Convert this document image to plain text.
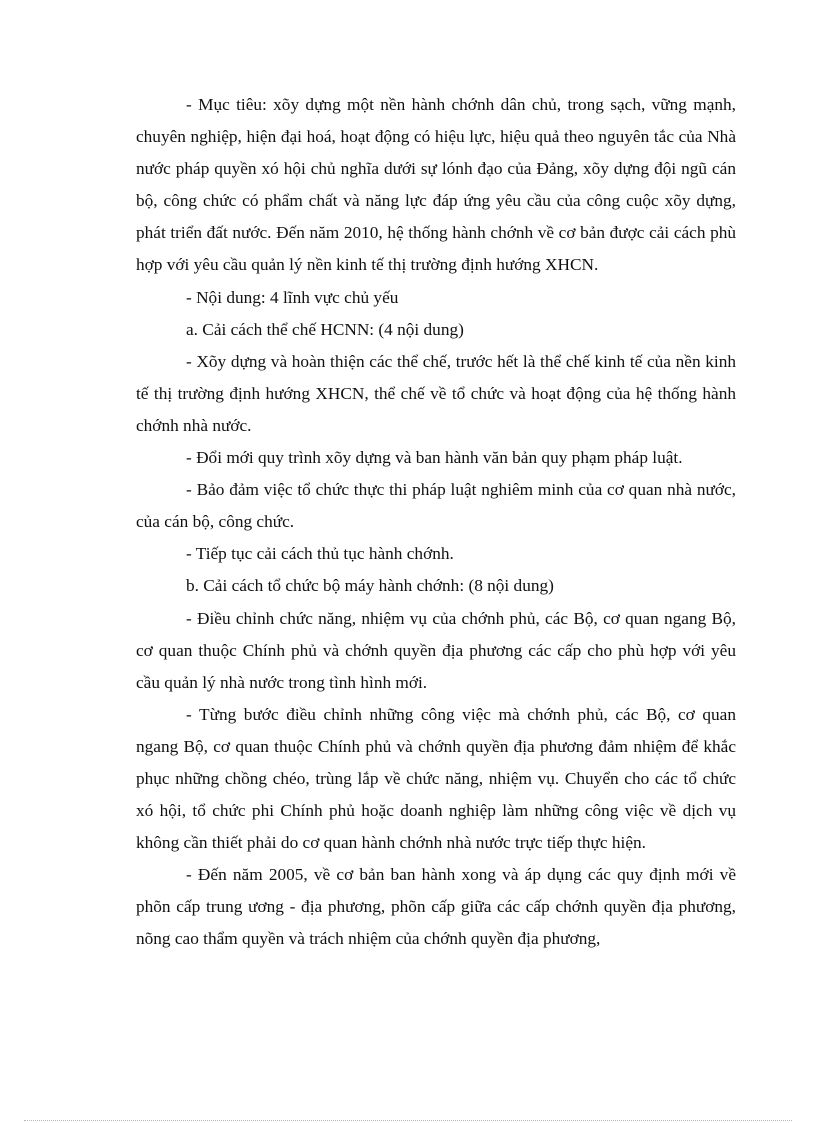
- Mục tiêu: xõy dựng một nền hành chớnh dân chủ, trong sạch, vững mạnh, chuyên nghiệp, hiện đại hoá, hoạt động có hiệu lực, hiệu quả theo nguyên tắc của Nhà nước pháp quyền xó hội chủ nghĩa dưới sự lónh đạo của Đảng, xõy dựng đội ngũ cán bộ, công chức có phẩm chất và năng lực đáp ứng yêu cầu của công cuộc xõy dựng, phát triển đất nước. Đến năm 2010, hệ thống hành chớnh về cơ bản được cải cách phù hợp với yêu cầu quản lý nền kinh tế thị trường định hướng XHCN.

- Nội dung: 4 lĩnh vực chủ yếu

a. Cải cách thể chế HCNN: (4 nội dung)

- Xõy dựng và hoàn thiện các thể chế, trước hết là thể chế kinh tế của nền kinh tế thị trường định hướng XHCN, thể chế về tổ chức và hoạt động của hệ thống hành chớnh nhà nước.

- Đổi mới quy trình xõy dựng và ban hành văn bản quy phạm pháp luật.

- Bảo đảm việc tổ chức thực thi pháp luật nghiêm minh của cơ quan nhà nước, của cán bộ, công chức.

- Tiếp tục cải cách thủ tục hành chớnh.

b. Cải cách tổ chức bộ máy hành chớnh: (8 nội dung)

- Điều chỉnh chức năng, nhiệm vụ của chớnh phủ, các Bộ, cơ quan ngang Bộ, cơ quan thuộc Chính phủ và chớnh quyền địa phương các cấp cho phù hợp với yêu cầu quản lý nhà nước trong tình hình mới.

- Từng bước điều chỉnh những công việc mà chớnh phủ, các Bộ, cơ quan ngang Bộ, cơ quan thuộc Chính phủ và chớnh quyền địa phương đảm nhiệm để khắc phục những chồng chéo, trùng lắp về chức năng, nhiệm vụ. Chuyển cho các tổ chức xó hội, tổ chức phi Chính phủ hoặc doanh nghiệp làm những công việc về dịch vụ không cần thiết phải do cơ quan hành chớnh nhà nước trực tiếp thực hiện.

- Đến năm 2005, về cơ bản ban hành xong và áp dụng các quy định mới về phõn cấp trung ương - địa phương, phõn cấp giữa các cấp chớnh quyền địa phương, nõng cao thẩm quyền và trách nhiệm của chớnh quyền địa phương,
